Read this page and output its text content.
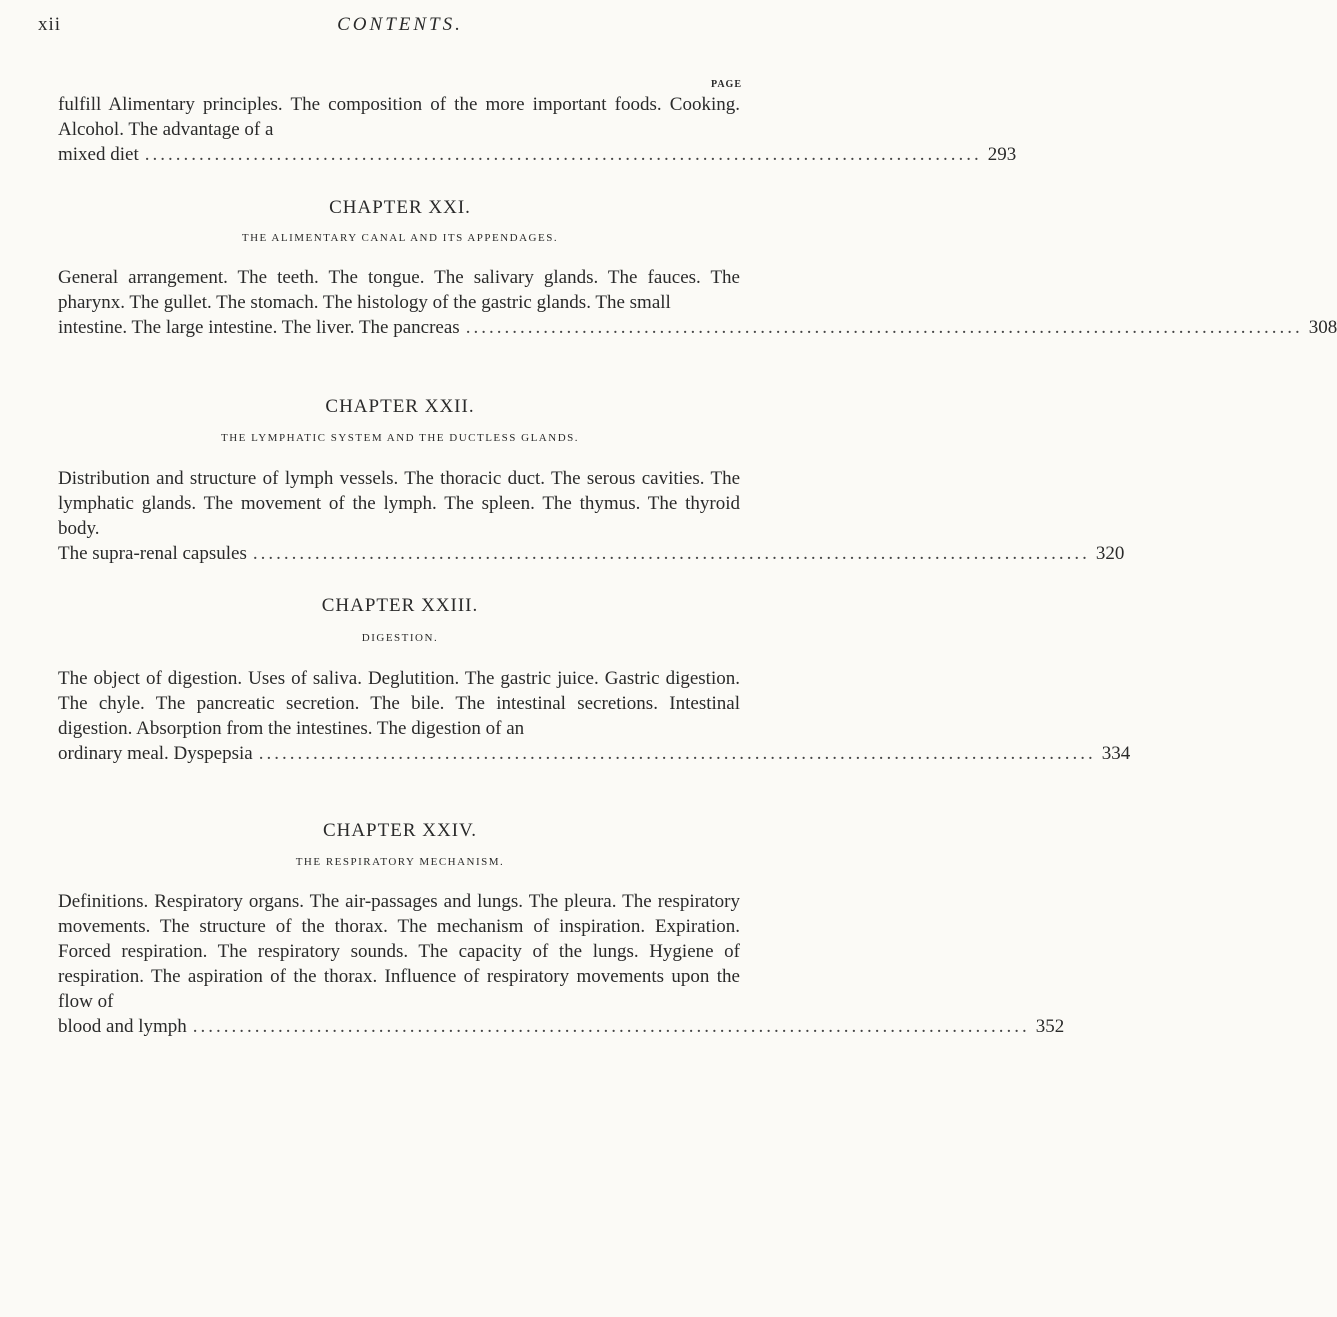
xii	CONTENTS.
PAGE
fulfill Alimentary principles. The composition of the more important foods. Cooking. Alcohol. The advantage of a
mixed diet ............................................................................................................ 293
CHAPTER XXI.
THE ALIMENTARY CANAL AND ITS APPENDAGES.
General arrangement. The teeth. The tongue. The salivary glands. The fauces. The pharynx. The gullet. The stomach. The histology of the gastric glands. The small
intestine. The large intestine. The liver. The pancreas ............................................................................................................ 308
CHAPTER XXII.
THE LYMPHATIC SYSTEM AND THE DUCTLESS GLANDS.
Distribution and structure of lymph vessels. The thoracic duct. The serous cavities. The lymphatic glands. The movement of the lymph. The spleen. The thymus. The thyroid body.
The supra-renal capsules ............................................................................................................ 320
CHAPTER XXIII.
DIGESTION.
The object of digestion. Uses of saliva. Deglutition. The gastric juice. Gastric digestion. The chyle. The pancreatic secretion. The bile. The intestinal secretions. Intestinal digestion. Absorption from the intestines. The digestion of an
ordinary meal. Dyspepsia ............................................................................................................ 334
CHAPTER XXIV.
THE RESPIRATORY MECHANISM.
Definitions. Respiratory organs. The air-passages and lungs. The pleura. The respiratory movements. The structure of the thorax. The mechanism of inspiration. Expiration. Forced respiration. The respiratory sounds. The capacity of the lungs. Hygiene of respiration. The aspiration of the thorax. Influence of respiratory movements upon the flow of
blood and lymph ............................................................................................................ 352
